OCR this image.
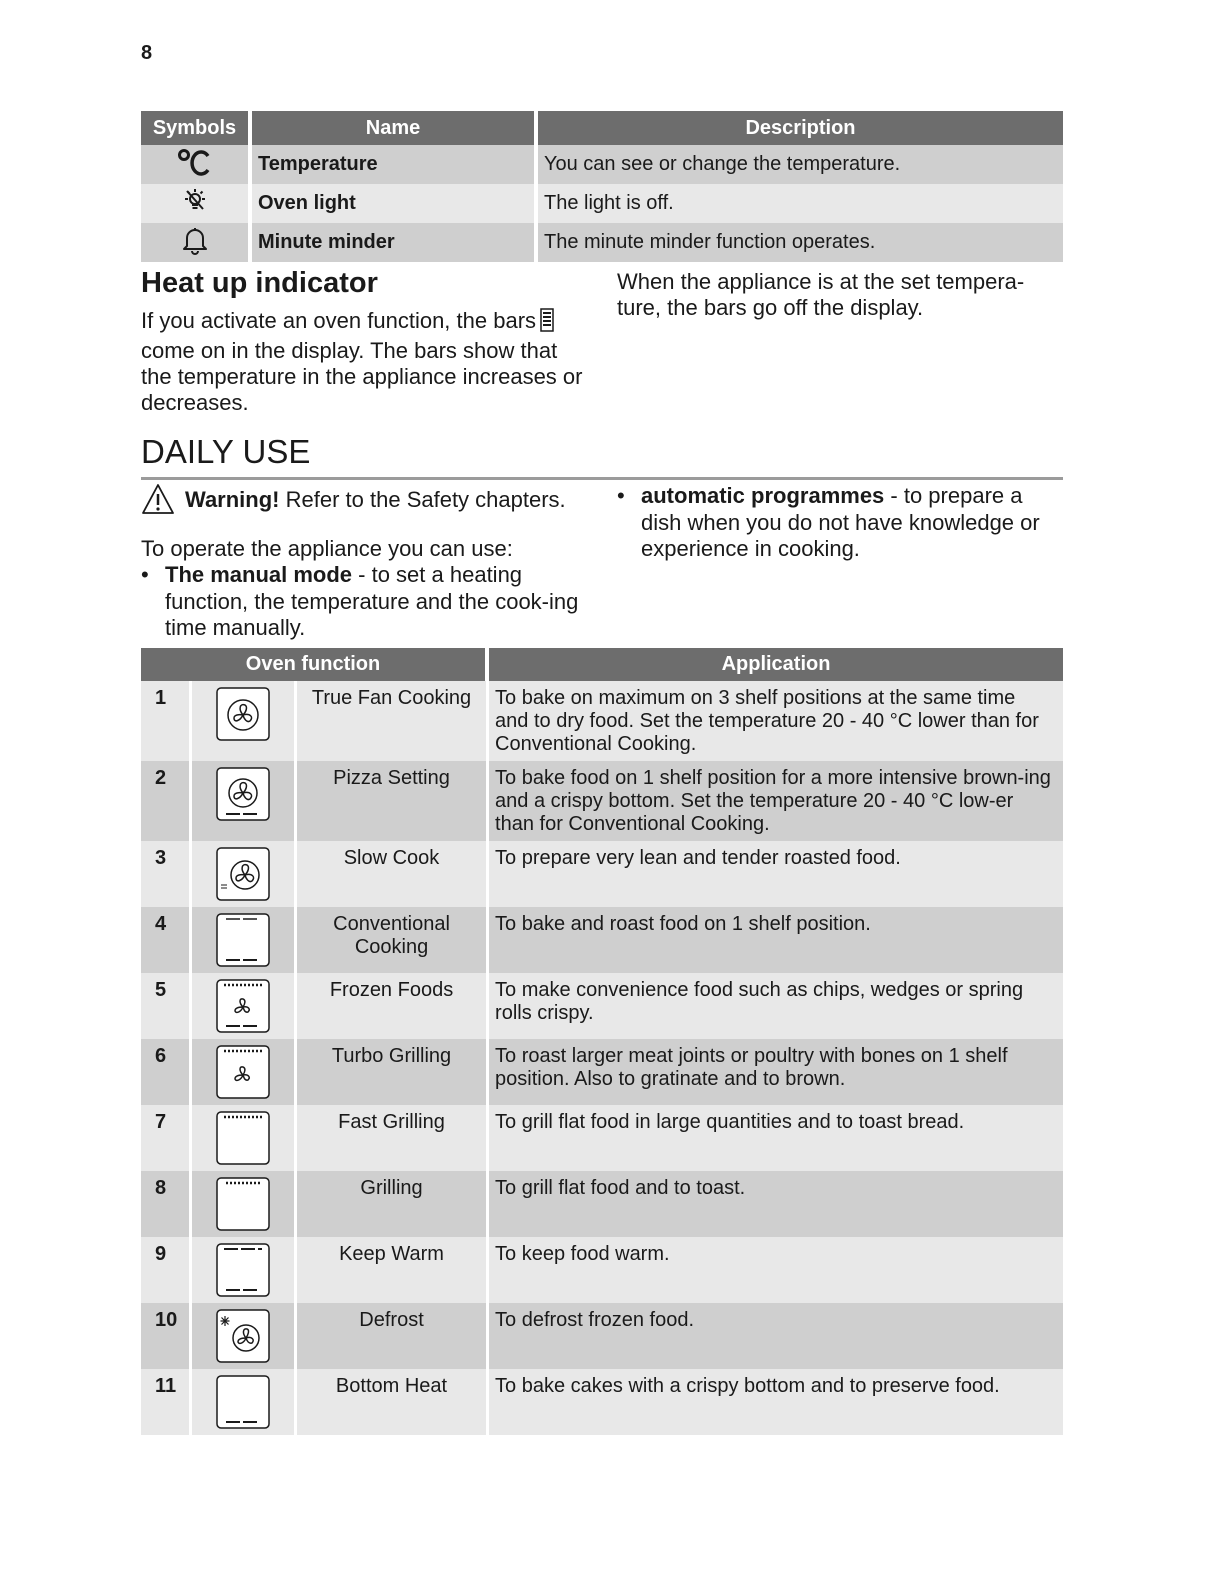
8
Symbols	Name	Description
	Temperature	You can see or change the temperature.
	Oven light	The light is off.
	Minute minder	The minute minder function operates.
Heat up indicator

If you activate an oven function, the bars come on in the display. The bars show that the temperature in the appliance increases or decreases.

When the appliance is at the set tempera-ture, the bars go off the display.

DAILY USE
Warning! Refer to the Safety chapters.

To operate the appliance you can use:

• The manual mode - to set a heating function, the temperature and the cook-ing time manually.
• automatic programmes - to prepare a dish when you do not have knowledge or experience in cooking.
Oven function			Application
1		True Fan Cooking	To bake on maximum on 3 shelf positions at the same time and to dry food. Set the temperature 20 - 40 °C lower than for Conventional Cooking.
2		Pizza Setting	To bake food on 1 shelf position for a more intensive brown-ing and a crispy bottom. Set the temperature 20 - 40 °C low-er than for Conventional Cooking.
3		Slow Cook	To prepare very lean and tender roasted food.
4		Conventional Cooking	To bake and roast food on 1 shelf position.
5		Frozen Foods	To make convenience food such as chips, wedges or spring rolls crispy.
6		Turbo Grilling	To roast larger meat joints or poultry with bones on 1 shelf position. Also to gratinate and to brown.
7		Fast Grilling	To grill flat food in large quantities and to toast bread.
8		Grilling	To grill flat food and to toast.
9		Keep Warm	To keep food warm.
10		Defrost	To defrost frozen food.
11		Bottom Heat	To bake cakes with a crispy bottom and to preserve food.
